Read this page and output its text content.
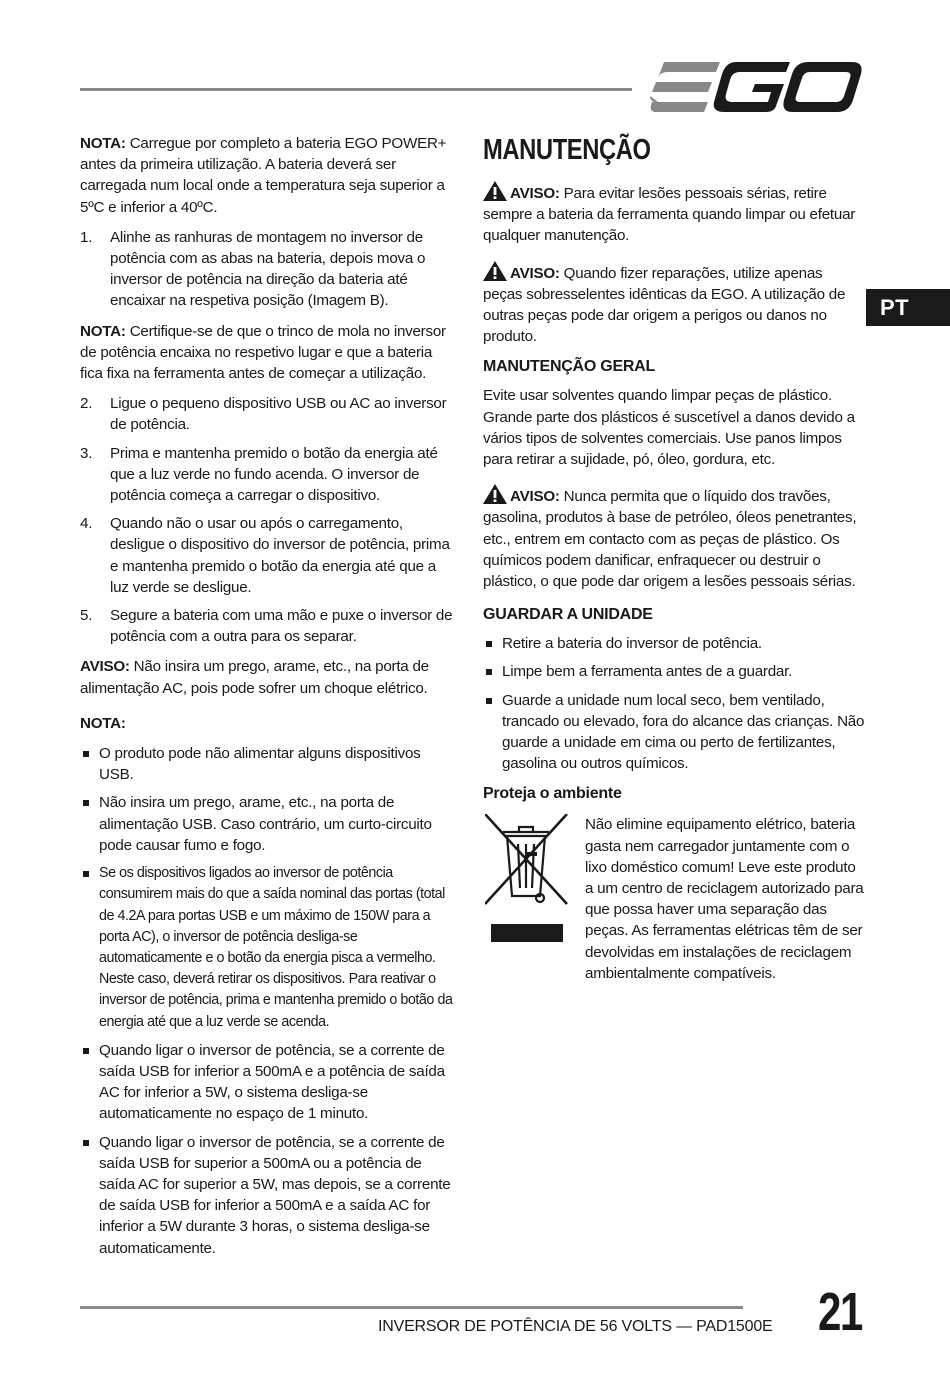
PT

NOTA: Carregue por completo a bateria EGO POWER+ antes da primeira utilização. A bateria deverá ser carregada num local onde a temperatura seja superior a 5ºC e inferior a 40ºC.

1. Alinhe as ranhuras de montagem no inversor de potência com as abas na bateria, depois mova o inversor de potência na direção da bateria até encaixar na respetiva posição (Imagem B).

NOTA: Certifique-se de que o trinco de mola no inversor de potência encaixa no respetivo lugar e que a bateria fica fixa na ferramenta antes de começar a utilização.

2. Ligue o pequeno dispositivo USB ou AC ao inversor de potência.
3. Prima e mantenha premido o botão da energia até que a luz verde no fundo acenda. O inversor de potência começa a carregar o dispositivo.
4. Quando não o usar ou após o carregamento, desligue o dispositivo do inversor de potência, prima e mantenha premido o botão da energia até que a luz verde se desligue.
5. Segure a bateria com uma mão e puxe o inversor de potência com a outra para os separar.

AVISO: Não insira um prego, arame, etc., na porta de alimentação AC, pois pode sofrer um choque elétrico.

NOTA:

O produto pode não alimentar alguns dispositivos USB.
Não insira um prego, arame, etc., na porta de alimentação USB. Caso contrário, um curto-circuito pode causar fumo e fogo.
Se os dispositivos ligados ao inversor de potência consumirem mais do que a saída nominal das portas (total de 4.2A para portas USB e um máximo de 150W para a porta AC), o inversor de potência desliga-se automaticamente e o botão da energia pisca a vermelho. Neste caso, deverá retirar os dispositivos. Para reativar o inversor de potência, prima e mantenha premido o botão da energia até que a luz verde se acenda.
Quando ligar o inversor de potência, se a corrente de saída USB for inferior a 500mA e a potência de saída AC for inferior a 5W, o sistema desliga-se automaticamente no espaço de 1 minuto.
Quando ligar o inversor de potência, se a corrente de saída USB for superior a 500mA ou a potência de saída AC for superior a 5W, mas depois, se a corrente de saída USB for inferior a 500mA e a saída AC for inferior a 5W durante 3 horas, o sistema desliga-se automaticamente.
MANUTENÇÃO

AVISO: Para evitar lesões pessoais sérias, retire sempre a bateria da ferramenta quando limpar ou efetuar qualquer manutenção.

AVISO: Quando fizer reparações, utilize apenas peças sobresselentes idênticas da EGO. A utilização de outras peças pode dar origem a perigos ou danos no produto.

MANUTENÇÃO GERAL

Evite usar solventes quando limpar peças de plástico. Grande parte dos plásticos é suscetível a danos devido a vários tipos de solventes comerciais. Use panos limpos para retirar a sujidade, pó, óleo, gordura, etc.

AVISO: Nunca permita que o líquido dos travões, gasolina, produtos à base de petróleo, óleos penetrantes, etc., entrem em contacto com as peças de plástico. Os químicos podem danificar, enfraquecer ou destruir o plástico, o que pode dar origem a lesões pessoais sérias.

GUARDAR A UNIDADE
Retire a bateria do inversor de potência.
Limpe bem a ferramenta antes de a guardar.
Guarde a unidade num local seco, bem ventilado, trancado ou elevado, fora do alcance das crianças. Não guarde a unidade em cima ou perto de fertilizantes, gasolina ou outros químicos.
Proteja o ambiente

Não elimine equipamento elétrico, bateria gasta nem carregador juntamente com o lixo doméstico comum! Leve este produto a um centro de reciclagem autorizado para que possa haver uma separação das peças. As ferramentas elétricas têm de ser devolvidas em instalações de reciclagem ambientalmente compatíveis.

INVERSOR DE POTÊNCIA DE 56 VOLTS — PAD1500E 21
